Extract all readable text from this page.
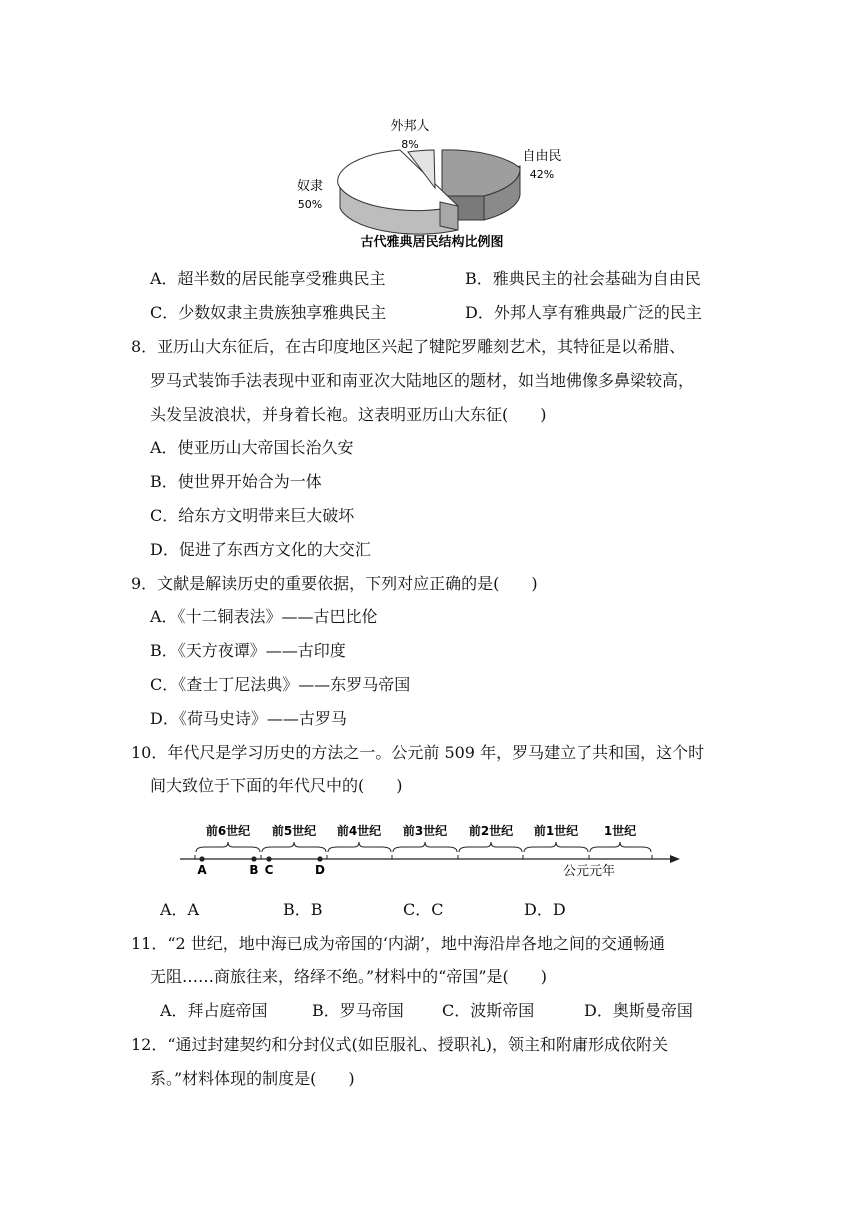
外邦人
8%
自由民
42%
奴隶
50%
古代雅典居民结构比例图
A．超半数的居民能享受雅典民主	B．雅典民主的社会基础为自由民
C．少数奴隶主贵族独享雅典民主	D．外邦人享有雅典最广泛的民主
8．亚历山大东征后，在古印度地区兴起了犍陀罗雕刻艺术，其特征是以希腊、
罗马式装饰手法表现中亚和南亚次大陆地区的题材，如当地佛像多鼻梁较高，
头发呈波浪状，并身着长袍。这表明亚历山大东征(　　)
A．使亚历山大帝国长治久安
B．使世界开始合为一体
C．给东方文明带来巨大破坏
D．促进了东西方文化的大交汇
9．文献是解读历史的重要依据，下列对应正确的是(　　)
A．《十二铜表法》——古巴比伦
B．《天方夜谭》——古印度
C．《查士丁尼法典》——东罗马帝国
D．《荷马史诗》——古罗马
10．年代尺是学习历史的方法之一。公元前 509 年，罗马建立了共和国，这个时
间大致位于下面的年代尺中的(　　)
前6世纪 前5世纪 前4世纪 前3世纪 前2世纪 前1世纪 1世纪
A	B C	D	公元元年
A．A	B．B	C．C	D．D
11．“2 世纪，地中海已成为帝国的‘内湖’，地中海沿岸各地之间的交通畅通
无阻……商旅往来，络绎不绝。”材料中的“帝国”是(　　)
A．拜占庭帝国	B．罗马帝国 C．波斯帝国	D．奥斯曼帝国
12．“通过封建契约和分封仪式(如臣服礼、授职礼)，领主和附庸形成依附关
系。”材料体现的制度是(　　)
